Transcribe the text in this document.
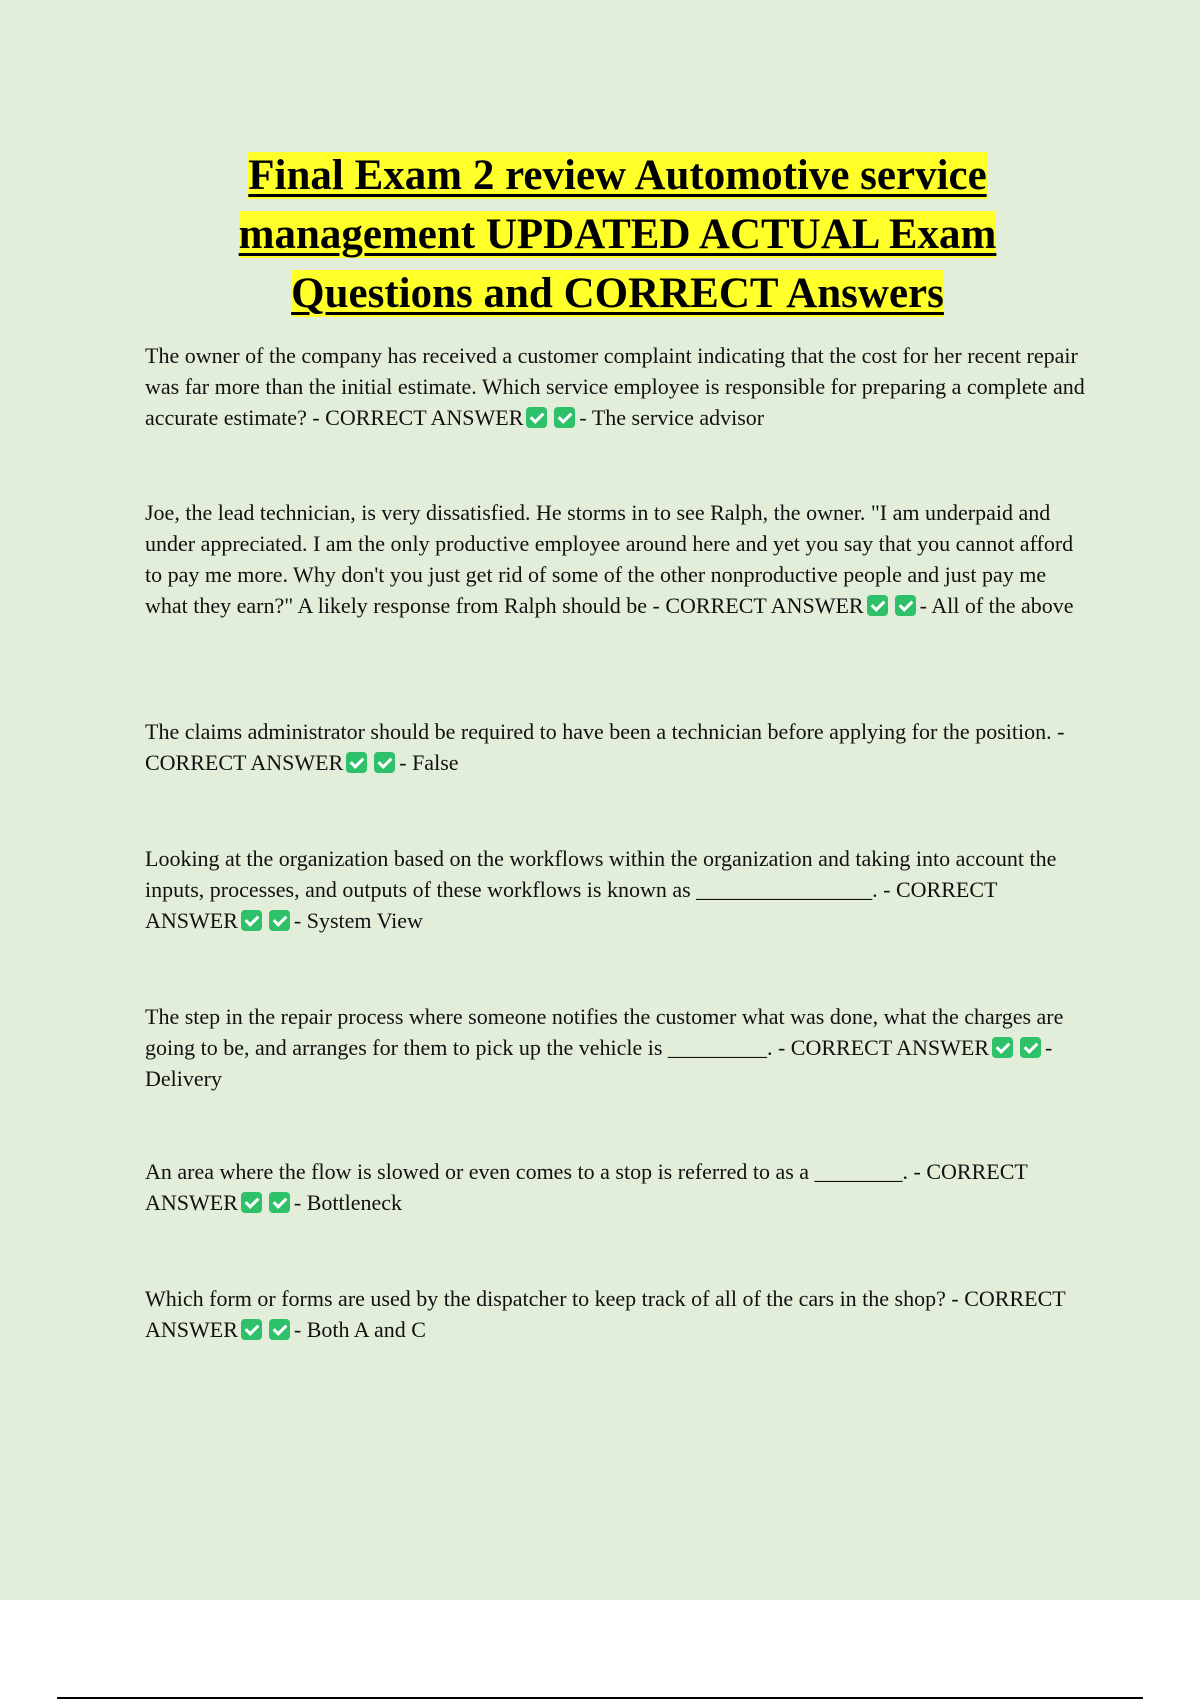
Final Exam 2 review Automotive service
management UPDATED ACTUAL Exam
Questions and CORRECT Answers
The owner of the company has received a customer complaint indicating that the cost for her recent repair was far more than the initial estimate. Which service employee is responsible for preparing a complete and accurate estimate? - CORRECT ANSWER	- The service advisor
Joe, the lead technician, is very dissatisfied. He storms in to see Ralph, the owner. "I am underpaid and under appreciated. I am the only productive employee around here and yet you say that you cannot afford to pay me more. Why don't you just get rid of some of the other nonproductive people and just pay me what they earn?" A likely response from Ralph should be - CORRECT ANSWER	- All of the above
The claims administrator should be required to have been a technician before applying for the position. - CORRECT ANSWER	- False
Looking at the organization based on the workflows within the organization and taking into account the inputs, processes, and outputs of these workflows is known as ________________. - CORRECT ANSWER	- System View
The step in the repair process where someone notifies the customer what was done, what the charges are going to be, and arranges for them to pick up the vehicle is _________. - CORRECT ANSWER	- Delivery
An area where the flow is slowed or even comes to a stop is referred to as a ________. - CORRECT ANSWER	- Bottleneck
Which form or forms are used by the dispatcher to keep track of all of the cars in the shop? - CORRECT ANSWER	- Both A and C
